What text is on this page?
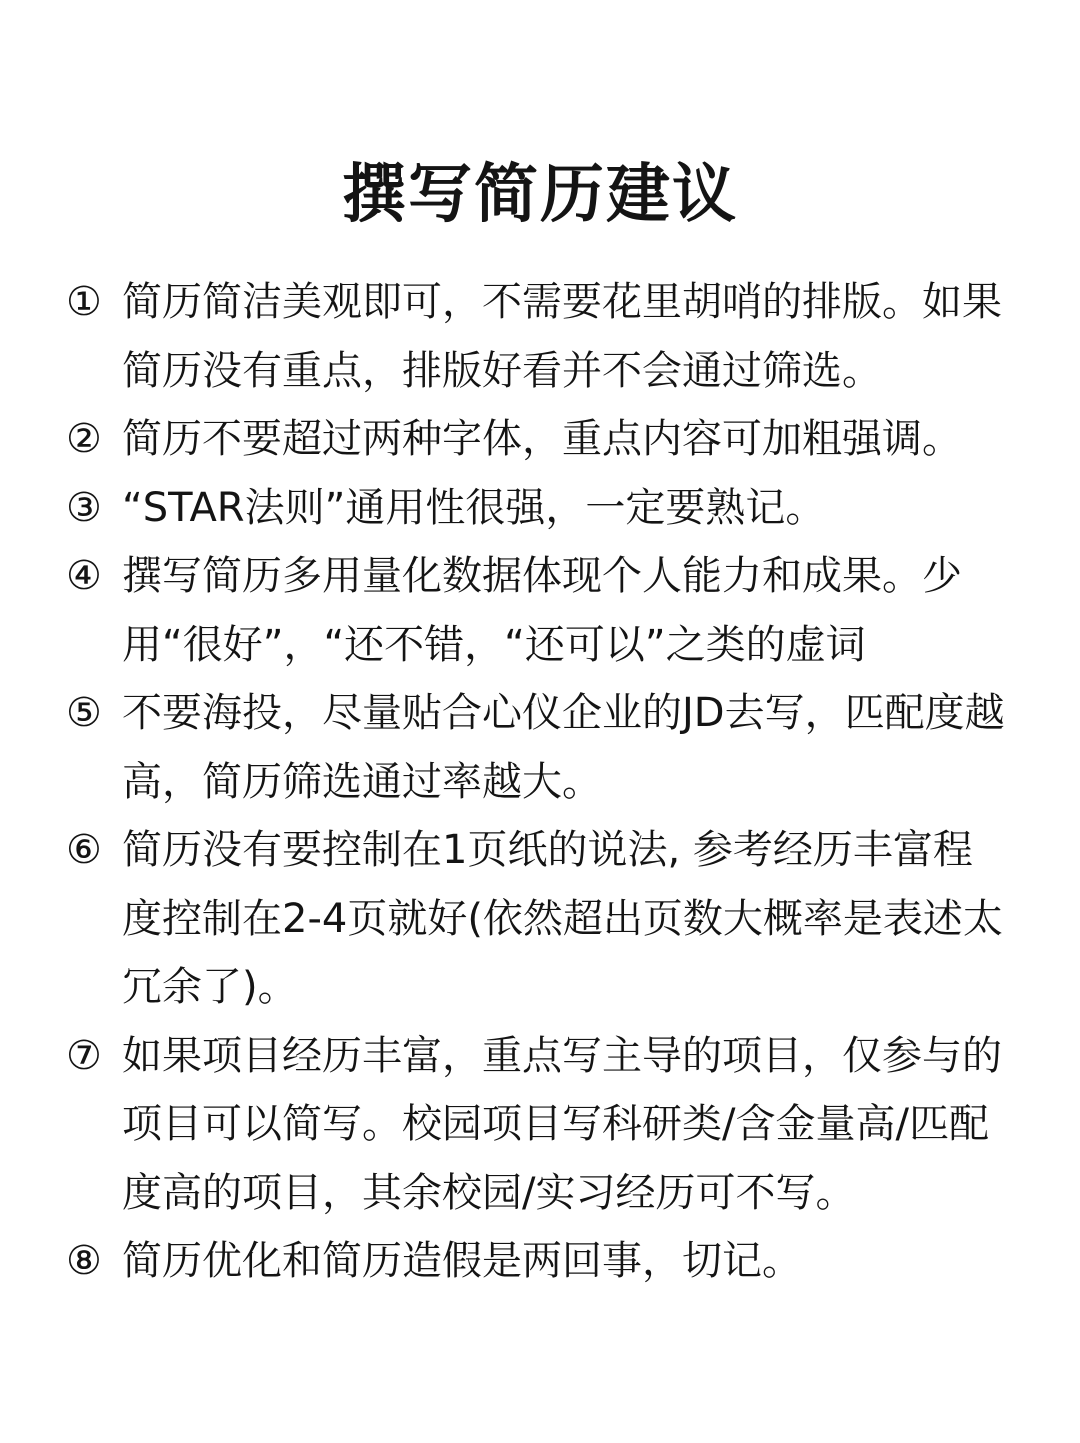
撰写简历建议
① 简历简洁美观即可，不需要花里胡哨的排版。如果简历没有重点，排版好看并不会通过筛选。
② 简历不要超过两种字体，重点内容可加粗强调。
③ “STAR法则”通用性很强，一定要熟记。
④ 撰写简历多用量化数据体现个人能力和成果。少用“很好”，“还不错，“还可以”之类的虚词
⑤ 不要海投，尽量贴合心仪企业的JD去写，匹配度越高，简历筛选通过率越大。
⑥ 简历没有要控制在1页纸的说法, 参考经历丰富程度控制在2-4页就好(依然超出页数大概率是表述太冗余了)。
⑦ 如果项目经历丰富，重点写主导的项目，仅参与的项目可以简写。校园项目写科研类/含金量高/匹配度高的项目，其余校园/实习经历可不写。
⑧ 简历优化和简历造假是两回事，切记。
